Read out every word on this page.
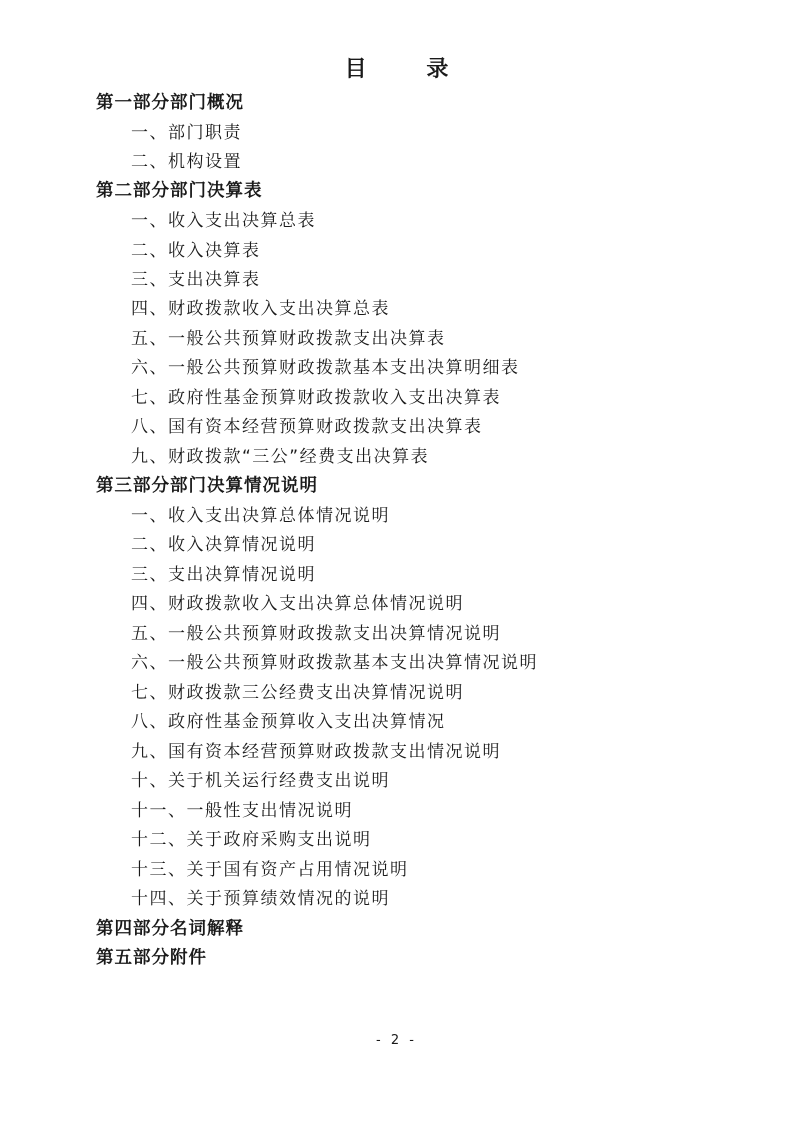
目 录
第一部分部门概况
一、部门职责
二、机构设置
第二部分部门决算表
一、收入支出决算总表
二、收入决算表
三、支出决算表
四、财政拨款收入支出决算总表
五、一般公共预算财政拨款支出决算表
六、一般公共预算财政拨款基本支出决算明细表
七、政府性基金预算财政拨款收入支出决算表
八、国有资本经营预算财政拨款支出决算表
九、财政拨款“三公”经费支出决算表
第三部分部门决算情况说明
一、收入支出决算总体情况说明
二、收入决算情况说明
三、支出决算情况说明
四、财政拨款收入支出决算总体情况说明
五、一般公共预算财政拨款支出决算情况说明
六、一般公共预算财政拨款基本支出决算情况说明
七、财政拨款三公经费支出决算情况说明
八、政府性基金预算收入支出决算情况
九、国有资本经营预算财政拨款支出情况说明
十、关于机关运行经费支出说明
十一、一般性支出情况说明
十二、关于政府采购支出说明
十三、关于国有资产占用情况说明
十四、关于预算绩效情况的说明
第四部分名词解释
第五部分附件
- 2 -
